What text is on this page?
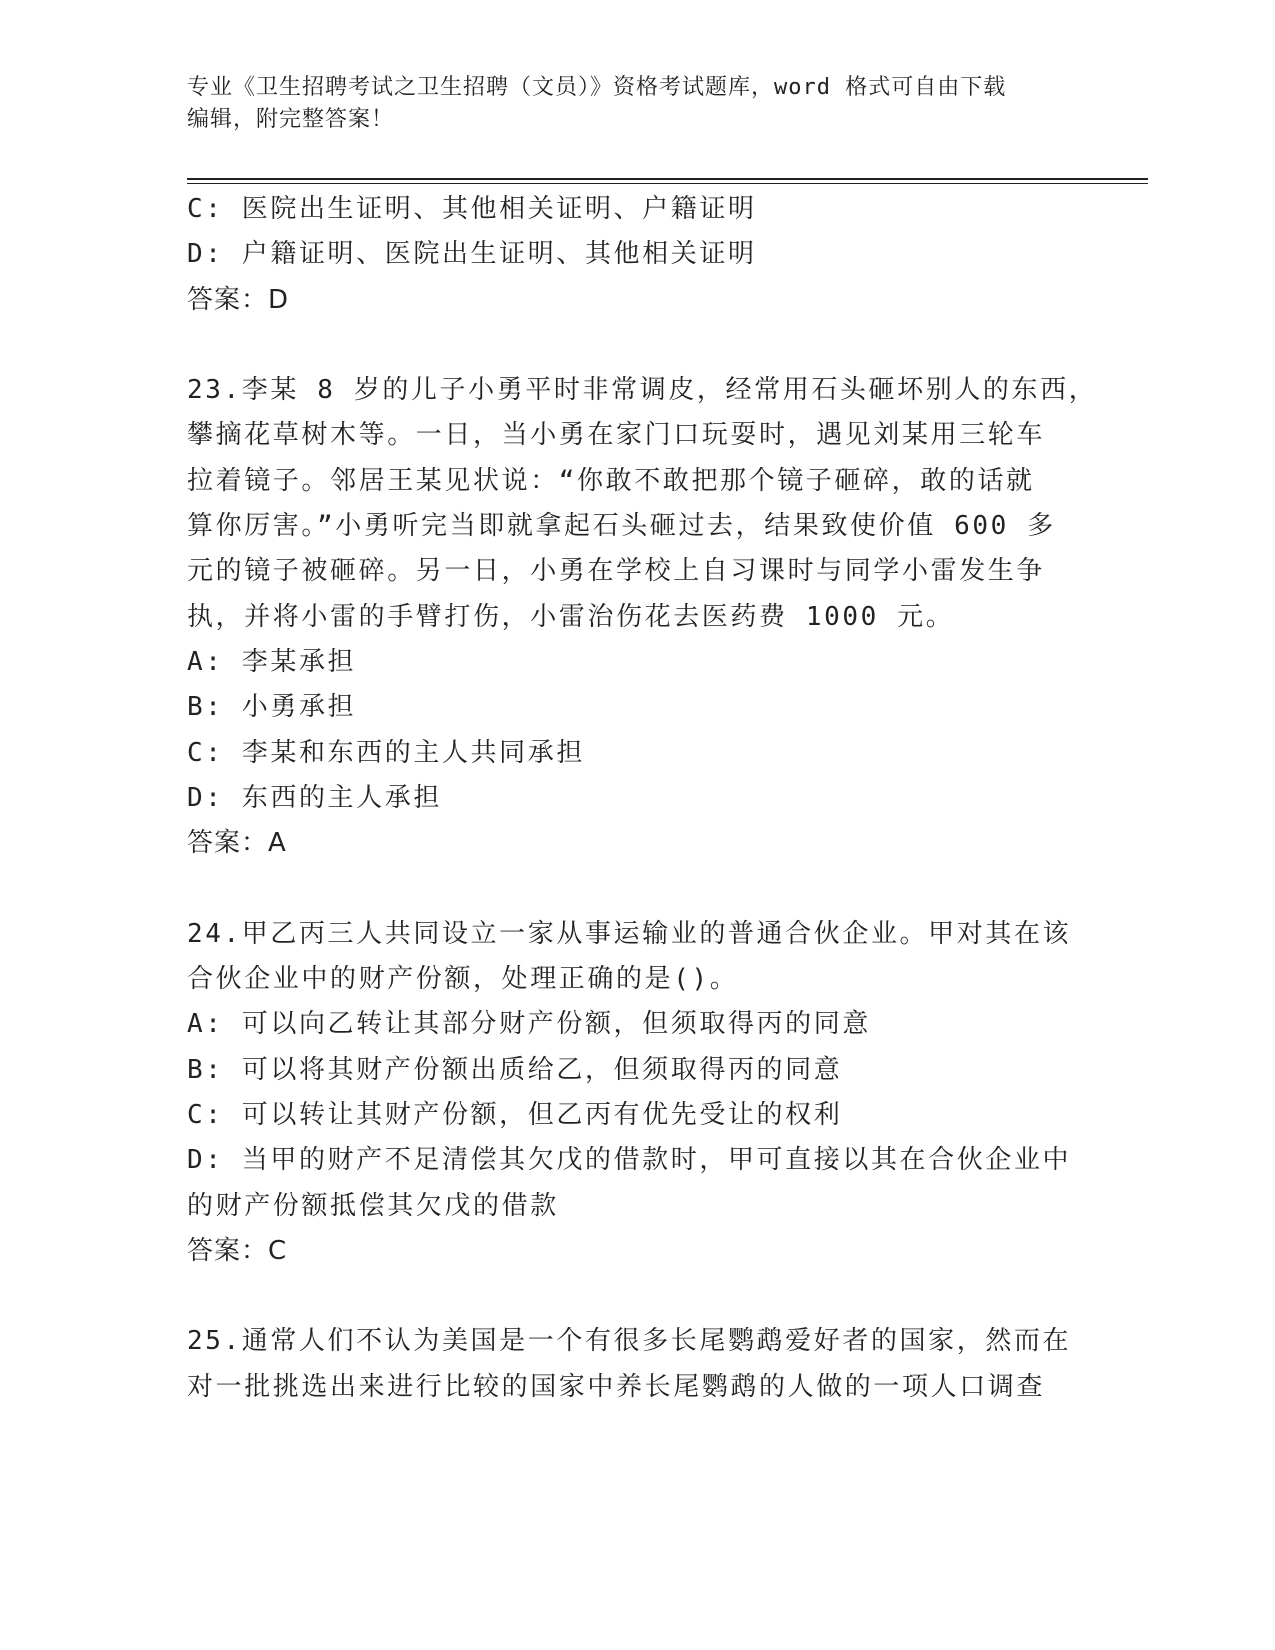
专业《卫生招聘考试之卫生招聘（文员）》资格考试题库，word 格式可自由下载
编辑，附完整答案！
C: 医院出生证明、其他相关证明、户籍证明
D: 户籍证明、医院出生证明、其他相关证明
答案：D
23.李某 8 岁的儿子小勇平时非常调皮，经常用石头砸坏别人的东西，
攀摘花草树木等。一日，当小勇在家门口玩耍时，遇见刘某用三轮车
拉着镜子。邻居王某见状说：“你敢不敢把那个镜子砸碎，敢的话就
算你厉害。”小勇听完当即就拿起石头砸过去，结果致使价值 600 多
元的镜子被砸碎。另一日，小勇在学校上自习课时与同学小雷发生争
执，并将小雷的手臂打伤，小雷治伤花去医药费 1000 元。
A: 李某承担
B: 小勇承担
C: 李某和东西的主人共同承担
D: 东西的主人承担
答案：A
24.甲乙丙三人共同设立一家从事运输业的普通合伙企业。甲对其在该
合伙企业中的财产份额，处理正确的是()。
A: 可以向乙转让其部分财产份额，但须取得丙的同意
B: 可以将其财产份额出质给乙，但须取得丙的同意
C: 可以转让其财产份额，但乙丙有优先受让的权利
D: 当甲的财产不足清偿其欠戊的借款时，甲可直接以其在合伙企业中
的财产份额抵偿其欠戊的借款
答案：C
25.通常人们不认为美国是一个有很多长尾鹦鹉爱好者的国家，然而在
对一批挑选出来进行比较的国家中养长尾鹦鹉的人做的一项人口调查
